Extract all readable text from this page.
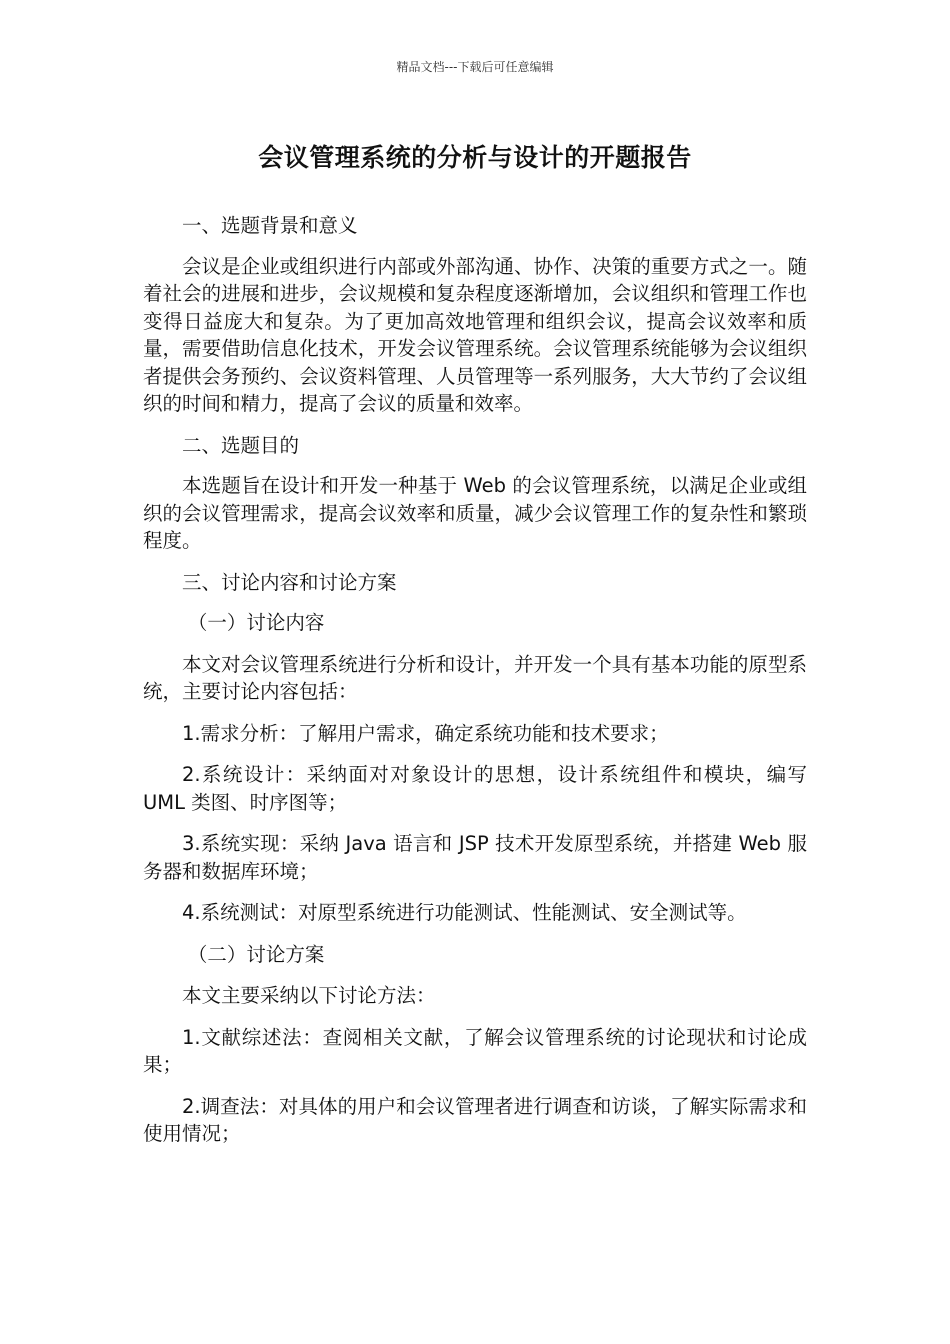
精品文档---下载后可任意编辑
会议管理系统的分析与设计的开题报告

一、选题背景和意义

会议是企业或组织进行内部或外部沟通、协作、决策的重要方式之一。随着社会的进展和进步，会议规模和复杂程度逐渐增加，会议组织和管理工作也变得日益庞大和复杂。为了更加高效地管理和组织会议，提高会议效率和质量，需要借助信息化技术，开发会议管理系统。会议管理系统能够为会议组织者提供会务预约、会议资料管理、人员管理等一系列服务，大大节约了会议组织的时间和精力，提高了会议的质量和效率。

二、选题目的

本选题旨在设计和开发一种基于 Web 的会议管理系统，以满足企业或组织的会议管理需求，提高会议效率和质量，减少会议管理工作的复杂性和繁琐程度。

三、讨论内容和讨论方案

（一）讨论内容

本文对会议管理系统进行分析和设计，并开发一个具有基本功能的原型系统，主要讨论内容包括：

1.需求分析：了解用户需求，确定系统功能和技术要求；

2.系统设计：采纳面对对象设计的思想，设计系统组件和模块，编写 UML 类图、时序图等；

3.系统实现：采纳 Java 语言和 JSP 技术开发原型系统，并搭建 Web 服务器和数据库环境；

4.系统测试：对原型系统进行功能测试、性能测试、安全测试等。

（二）讨论方案

本文主要采纳以下讨论方法：

1.文献综述法：查阅相关文献，了解会议管理系统的讨论现状和讨论成果；

2.调查法：对具体的用户和会议管理者进行调查和访谈，了解实际需求和使用情况；
